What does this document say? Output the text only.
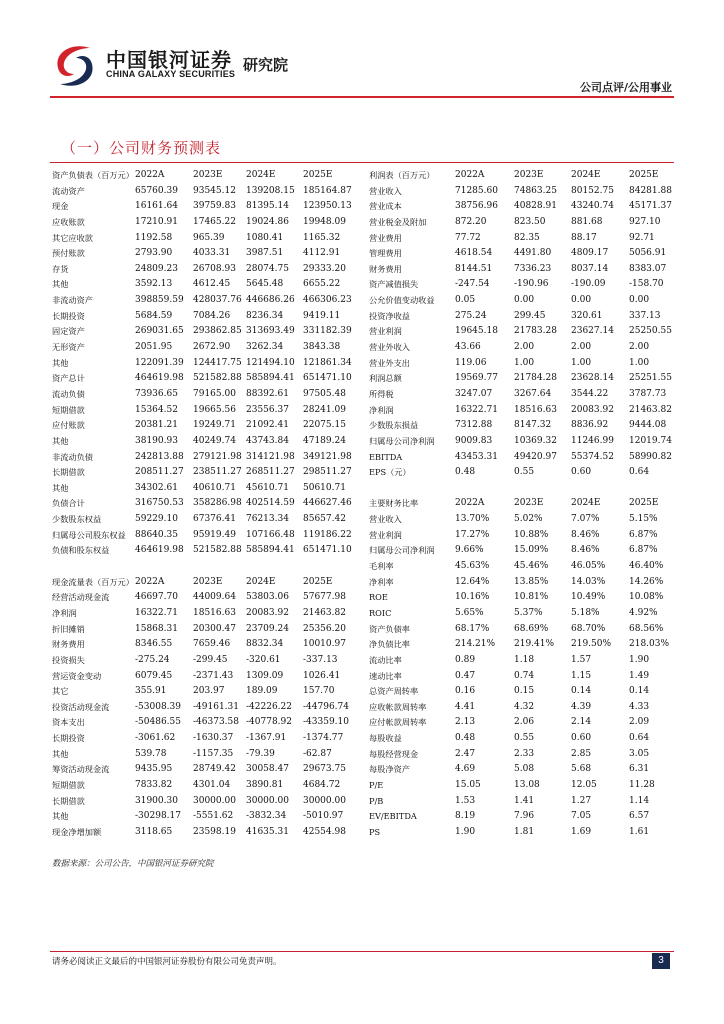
中国银河证券
CHINA GALAXY SECURITIES 研究院
公司点评/公用事业
（一）公司财务预测表
资产负债表（百万元） 2022A	2023E	2024E	2025E
流动资产	65760.39	93545.12	139208.15 185164.87
现金	16161.64	39759.83	81395.14	123950.13
应收账款	17210.91	17465.22	19024.86	19948.09
其它应收款	1192.58	965.39	1080.41	1165.32
预付账款	2793.90	4033.31	3987.51	4112.91
存货	24809.23	26708.93	28074.75	29333.20
其他	3592.13	4612.45	5645.48	6655.22
非流动资产	398859.59	428037.76 446686.26 466306.23
长期投资	5684.59	7084.26	8236.34	9419.11
固定资产	269031.65	293862.85 313693.49 331182.39
无形资产	2051.95	2672.90	3262.34	3843.38
其他	122091.39	124417.75 121494.10 121861.34
资产总计	464619.98	521582.88 585894.41 651471.10
流动负债	73936.65	79165.00	88392.61	97505.48
短期借款	15364.52	19665.56	23556.37	28241.09
应付账款	20381.21	19249.71	21092.41	22075.15
其他	38190.93	40249.74	43743.84	47189.24
非流动负债	242813.88	279121.98 314121.98 349121.98
长期借款	208511.27	238511.27 268511.27 298511.27
其他	34302.61	40610.71	45610.71	50610.71
负债合计	316750.53	358286.98 402514.59 446627.46
少数股东权益	59229.10	67376.41	76213.34	85657.42
归属母公司股东权益	88640.35	95919.49	107166.48 119186.22
负债和股东权益	464619.98	521582.88 585894.41 651471.10
现金流量表（百万元） 2022A	2023E	2024E	2025E
经营活动现金流	46697.70	44009.64	53803.06	57677.98
净利润	16322.71	18516.63	20083.92	21463.82
折旧摊销	15868.31	20300.47	23709.24	25356.20
财务费用	8346.55	7659.46	8832.34	10010.97
投资损失	-275.24	-299.45	-320.61	-337.13
营运资金变动	6079.45	-2371.43	1309.09	1026.41
其它	355.91	203.97	189.09	157.70
投资活动现金流	-53008.39	-49161.31 -42226.22	-44796.74
资本支出	-50486.55	-46373.58 -40778.92	-43359.10
长期投资	-3061.62	-1630.37	-1367.91	-1374.77
其他	539.78	-1157.35	-79.39	-62.87
筹资活动现金流	9435.95	28749.42	30058.47	29673.75
短期借款	7833.82	4301.04	3890.81	4684.72
长期借款	31900.30	30000.00	30000.00	30000.00
其他	-30298.17	-5551.62	-3832.34	-5010.97
现金净增加额	3118.65	23598.19	41635.31	42554.98
利润表（百万元）	2022A	2023E	2024E	2025E
营业收入	71285.60	74863.25	80152.75	84281.88
营业成本	38756.96	40828.91	43240.74	45171.37
营业税金及附加	872.20	823.50	881.68	927.10
营业费用	77.72	82.35	88.17	92.71
管理费用	4618.54	4491.80	4809.17	5056.91
财务费用	8144.51	7336.23	8037.14	8383.07
资产减值损失	-247.54	-190.96	-190.09	-158.70
公允价值变动收益	0.05	0.00	0.00	0.00
投资净收益	275.24	299.45	320.61	337.13
营业利润	19645.18	21783.28	23627.14	25250.55
营业外收入	43.66	2.00	2.00	2.00
营业外支出	119.06	1.00	1.00	1.00
利润总额	19569.77	21784.28	23628.14	25251.55
所得税	3247.07	3267.64	3544.22	3787.73
净利润	16322.71	18516.63	20083.92	21463.82
少数股东损益	7312.88	8147.32	8836.92	9444.08
归属母公司净利润	9009.83	10369.32	11246.99	12019.74
EBITDA	43453.31	49420.97	55374.52	58990.82
EPS（元）	0.48	0.55	0.60	0.64
主要财务比率	2022A	2023E	2024E	2025E
营业收入	13.70%	5.02%	7.07%	5.15%
营业利润	17.27%	10.88%	8.46%	6.87%
归属母公司净利润	9.66%	15.09%	8.46%	6.87%
毛利率	45.63%	45.46%	46.05%	46.40%
净利率	12.64%	13.85%	14.03%	14.26%
ROE	10.16%	10.81%	10.49%	10.08%
ROIC	5.65%	5.37%	5.18%	4.92%
资产负债率	68.17%	68.69%	68.70%	68.56%
净负债比率	214.21%	219.41%	219.50%	218.03%
流动比率	0.89	1.18	1.57	1.90
速动比率	0.47	0.74	1.15	1.49
总资产周转率	0.16	0.15	0.14	0.14
应收帐款周转率	4.41	4.32	4.39	4.33
应付帐款周转率	2.13	2.06	2.14	2.09
每股收益	0.48	0.55	0.60	0.64
每股经营现金	2.47	2.33	2.85	3.05
每股净资产	4.69	5.08	5.68	6.31
P/E	15.05	13.08	12.05	11.28
P/B	1.53	1.41	1.27	1.14
EV/EBITDA	8.19	7.96	7.05	6.57
PS	1.90	1.81	1.69	1.61
数据来源：公司公告，中国银河证券研究院
请务必阅读正文最后的中国银河证券股份有限公司免责声明。	3
